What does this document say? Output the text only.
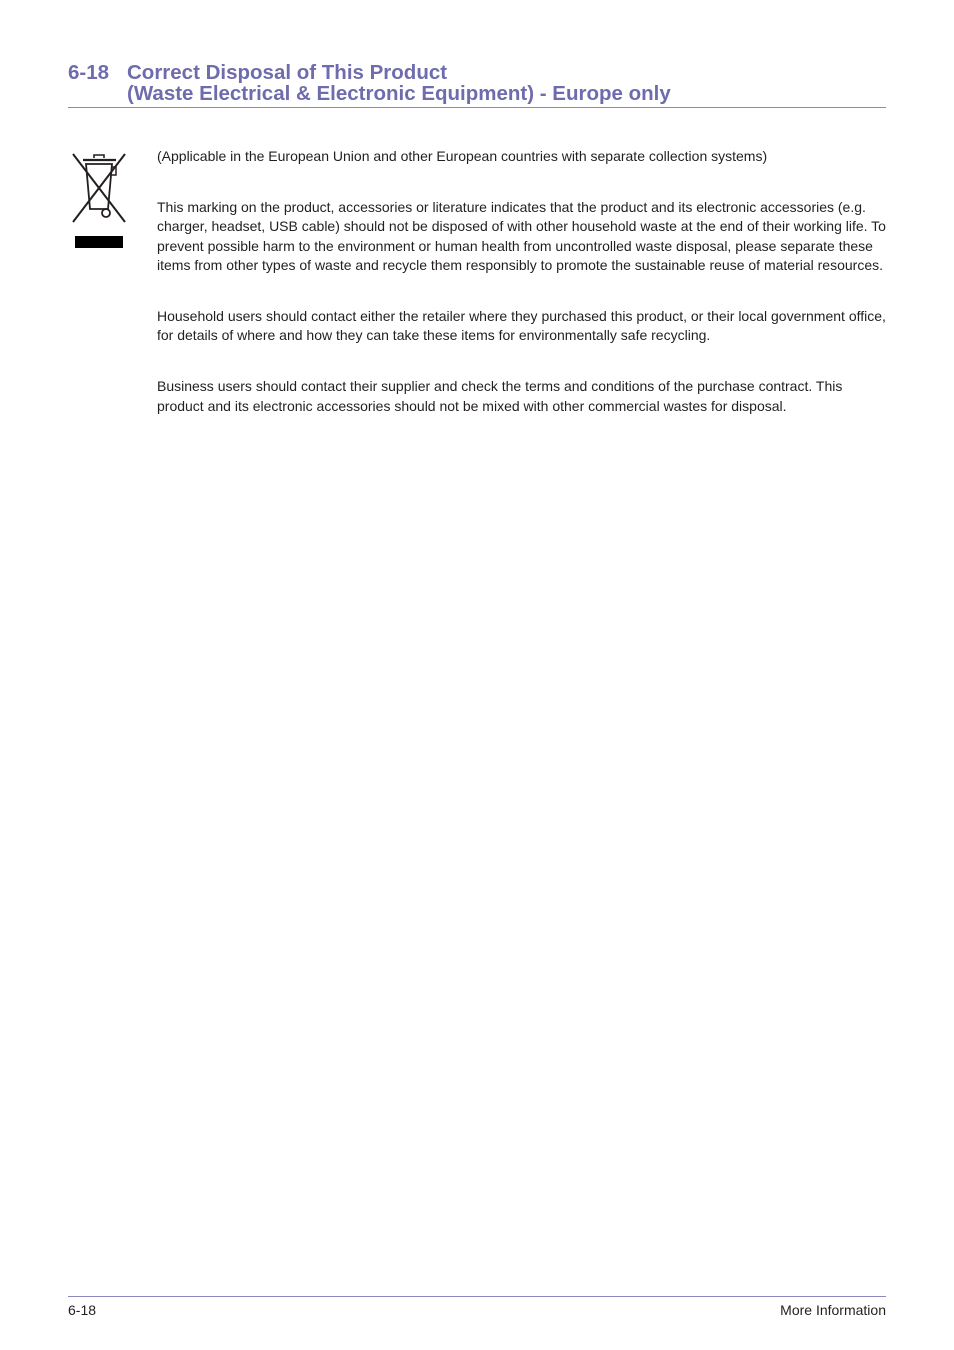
6-18 Correct Disposal of This Product
(Waste Electrical & Electronic Equipment) - Europe only

(Applicable in the European Union and other European countries with separate collection systems)

This marking on the product, accessories or literature indicates that the product and its electronic accessories (e.g. charger, headset, USB cable) should not be disposed of with other household waste at the end of their working life. To prevent possible harm to the environment or human health from uncontrolled waste disposal, please separate these items from other types of waste and recycle them responsibly to promote the sustainable reuse of material resources.

Household users should contact either the retailer where they purchased this product, or their local government office, for details of where and how they can take these items for environmentally safe recycling.

Business users should contact their supplier and check the terms and conditions of the purchase contract. This product and its electronic accessories should not be mixed with other commercial wastes for disposal.

6-18	More Information
